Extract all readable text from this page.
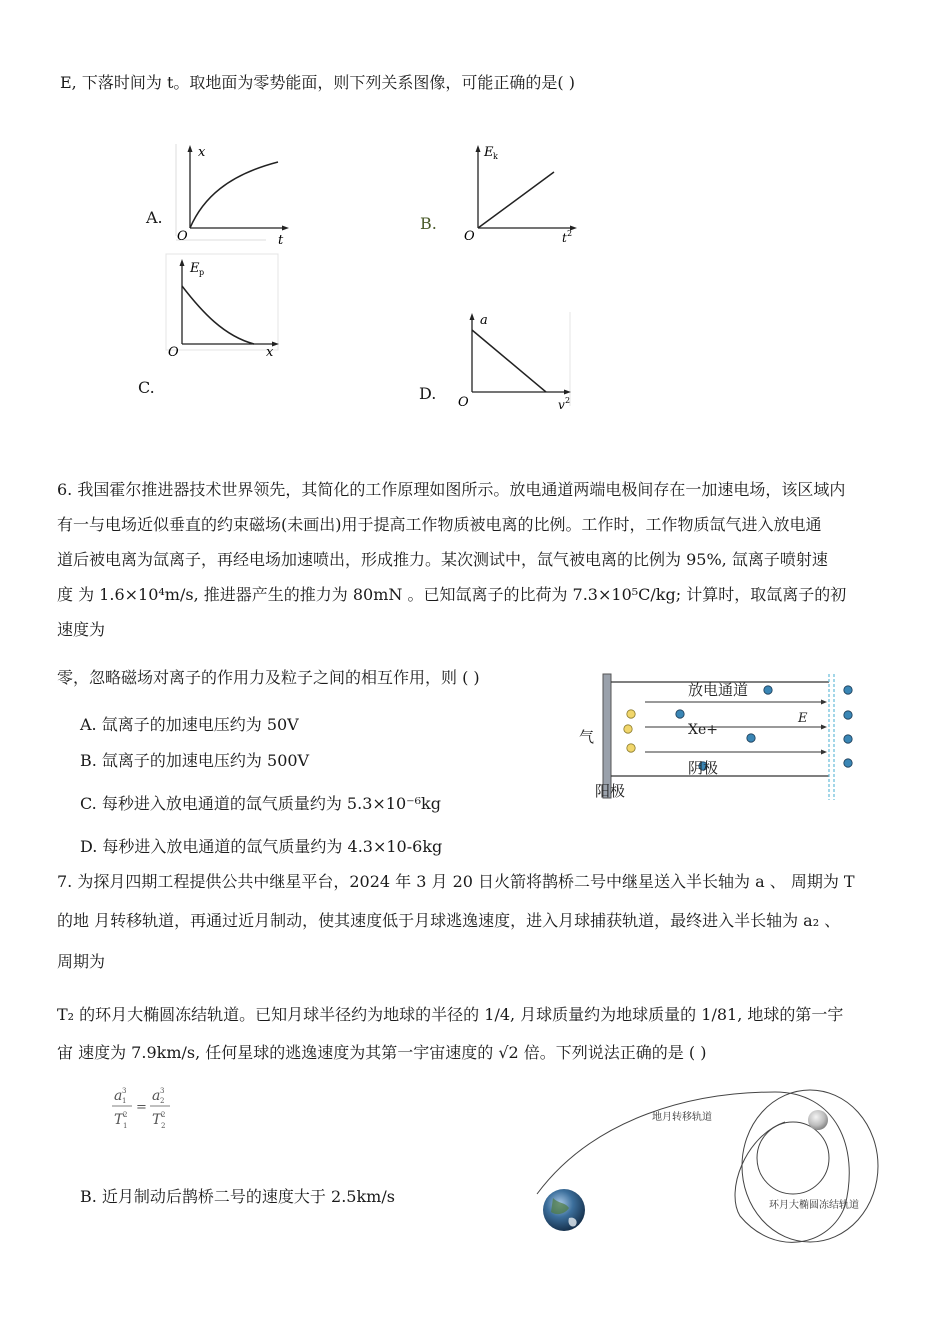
E, 下落时间为 t。取地面为零势能面，则下列关系图像，可能正确的是( )
A.	B.
C.	D.
x
O	t
E k
O	t 2
E p
O	x
a
O	v 2
6. 我国霍尔推进器技术世界领先，其简化的工作原理如图所示。放电通道两端电极间存在一加速电场，该区域内
有一与电场近似垂直的约束磁场(未画出)用于提高工作物质被电离的比例。工作时，工作物质氙气进入放电通
道后被电离为氙离子，再经电场加速喷出，形成推力。某次测试中，氙气被电离的比例为 95%, 氙离子喷射速
度 为 1.6×10⁴m/s, 推进器产生的推力为 80mN 。已知氙离子的比荷为 7.3×10⁵C/kg; 计算时，取氙离子的初
速度为
零，忽略磁场对离子的作用力及粒子之间的相互作用，则 ( )
A. 氙离子的加速电压约为 50V
B. 氙离子的加速电压约为 500V
C. 每秒进入放电通道的氙气质量约为 5.3×10⁻⁶kg
D. 每秒进入放电通道的氙气质量约为 4.3×10-6kg
放电通道
Xe+
E
气
阴极
阳极
7. 为探月四期工程提供公共中继星平台，2024 年 3 月 20 日火箭将鹊桥二号中继星送入半长轴为 a 、 周期为 T
的地 月转移轨道，再通过近月制动，使其速度低于月球逃逸速度，进入月球捕获轨道，最终进入半长轴为 a₂ 、
周期为
T₂ 的环月大椭圆冻结轨道。已知月球半径约为地球的半径的 1/4, 月球质量约为地球质量的 1/81, 地球的第一宇
宙 速度为 7.9km/s, 任何星球的逃逸速度为其第一宇宙速度的 √2 倍。下列说法正确的是 ( )
a 1
3
T 1
2 =
a 2
3
T 2
2
B. 近月制动后鹊桥二号的速度大于 2.5km/s
地月转移轨道
环月大椭圆冻结轨道
